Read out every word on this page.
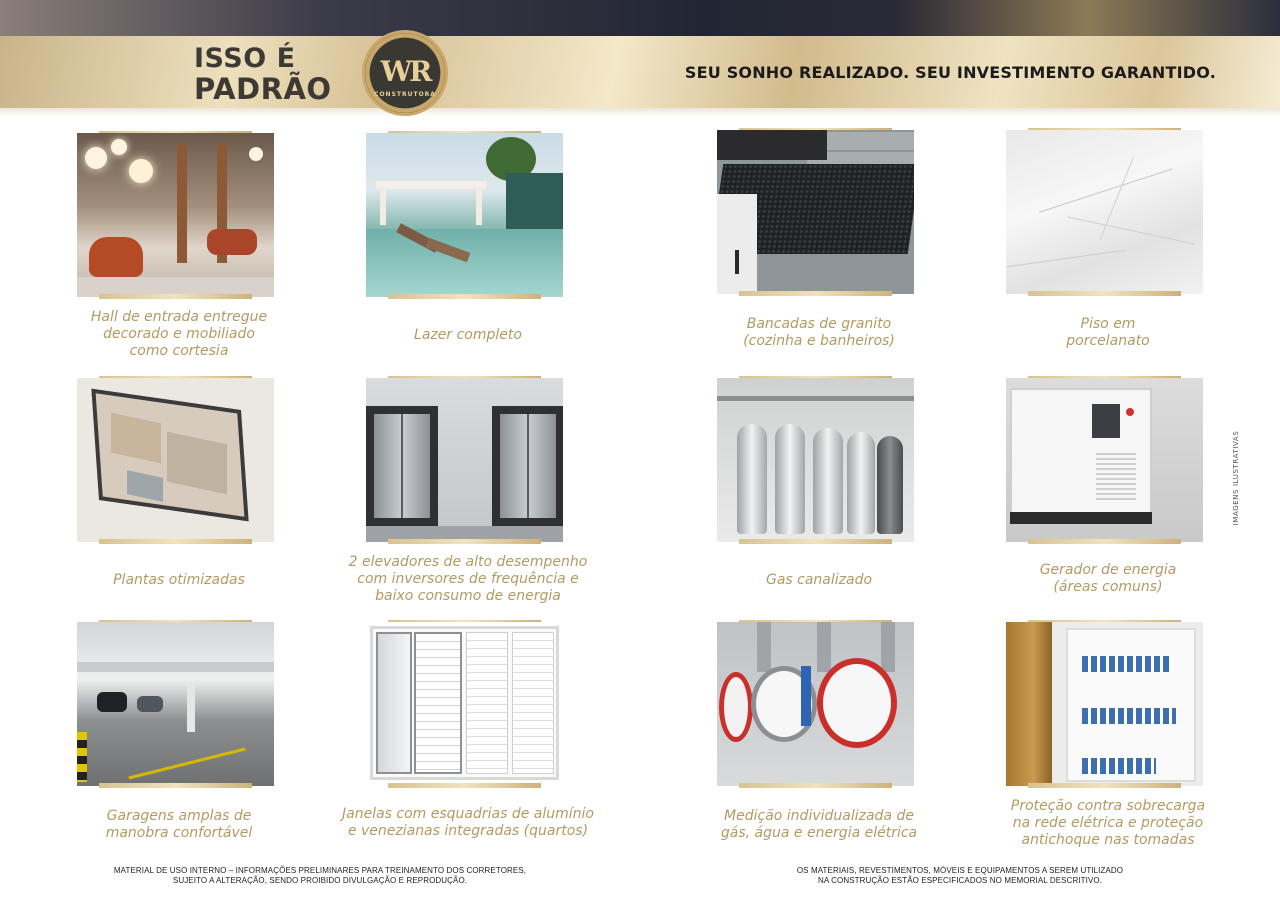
ISSO É
PADRÃO
WR
CONSTRUTORA
SEU SONHO REALIZADO. SEU INVESTIMENTO GARANTIDO.
IMAGENS ILUSTRATIVAS
Hall de entrada entregue
decorado e mobiliado
como cortesia
Lazer completo
Bancadas de granito
(cozinha e banheiros)
Piso em
porcelanato
Plantas otimizadas
2 elevadores de alto desempenho
com inversores de frequência e
baixo consumo de energia
Gas canalizado
Gerador de energia
(áreas comuns)
Garagens amplas de
manobra confortável
Janelas com esquadrias de alumínio
e venezianas integradas (quartos)
Medição individualizada de
gás, água e energia elétrica
Proteção contra sobrecarga
na rede elétrica e proteção
antichoque nas tomadas
MATERIAL DE USO INTERNO – INFORMAÇÕES PRELIMINARES PARA TREINAMENTO DOS CORRETORES,
SUJEITO A ALTERAÇÃO, SENDO PROIBIDO DIVULGAÇÃO E REPRODUÇÃO.
OS MATERIAIS, REVESTIMENTOS, MÓVEIS E EQUIPAMENTOS A SEREM UTILIZADO
NA CONSTRUÇÃO ESTÃO ESPECIFICADOS NO MEMORIAL DESCRITIVO.
